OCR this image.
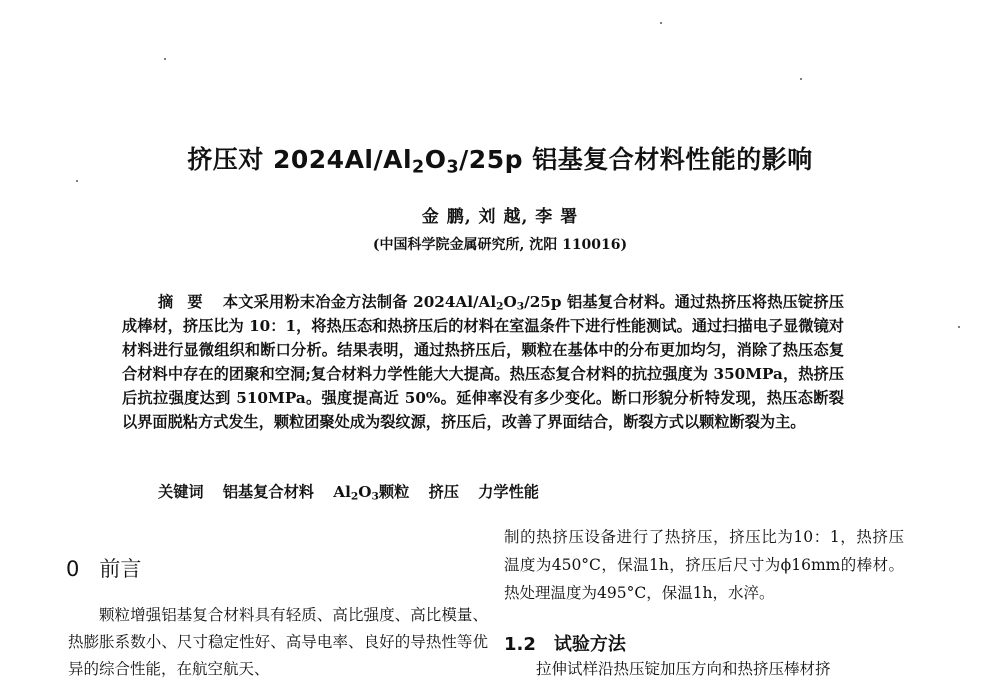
挤压对 $2024Al/Al_2O_3/25p$ 铝基复合材料性能的影响
金 鹏, 刘 越, 李 署
(中国科学院金属研究所, 沈阳 110016)
摘要 本文采用粉末冶金方法制备 $2024Al/Al_2O_3/25p$ 铝基复合材料。通过热挤压将热压锭挤压成棒材，挤压比为 10：1，将热压态和热挤压后的材料在室温条件下进行性能测试。通过扫描电子显微镜对材料进行显微组织和断口分析。结果表明，通过热挤压后，颗粒在基体中的分布更加均匀，消除了热压态复合材料中存在的团聚和空洞;复合材料力学性能大大提高。热压态复合材料的抗拉强度为 350MPa，热挤压后抗拉强度达到 510MPa。强度提高近 50%。延伸率没有多少变化。断口形貌分析特发现，热压态断裂以界面脱粘方式发生，颗粒团聚处成为裂纹源，挤压后，改善了界面结合，断裂方式以颗粒断裂为主。
关键词 铝基复合材料 $Al_2O_3$颗粒 挤压 力学性能
0 前言
颗粒增强铝基复合材料具有轻质、高比强度、高比模量、热膨胀系数小、尺寸稳定性好、高导电率、良好的导热性等优异的综合性能，在航空航天、
制的热挤压设备进行了热挤压，挤压比为10：1，热挤压温度为450°C，保温1h，挤压后尺寸为ϕ16mm的棒材。热处理温度为495°C，保温1h，水淬。
1.2 试验方法
拉伸试样沿热压锭加压方向和热挤压棒材挤
